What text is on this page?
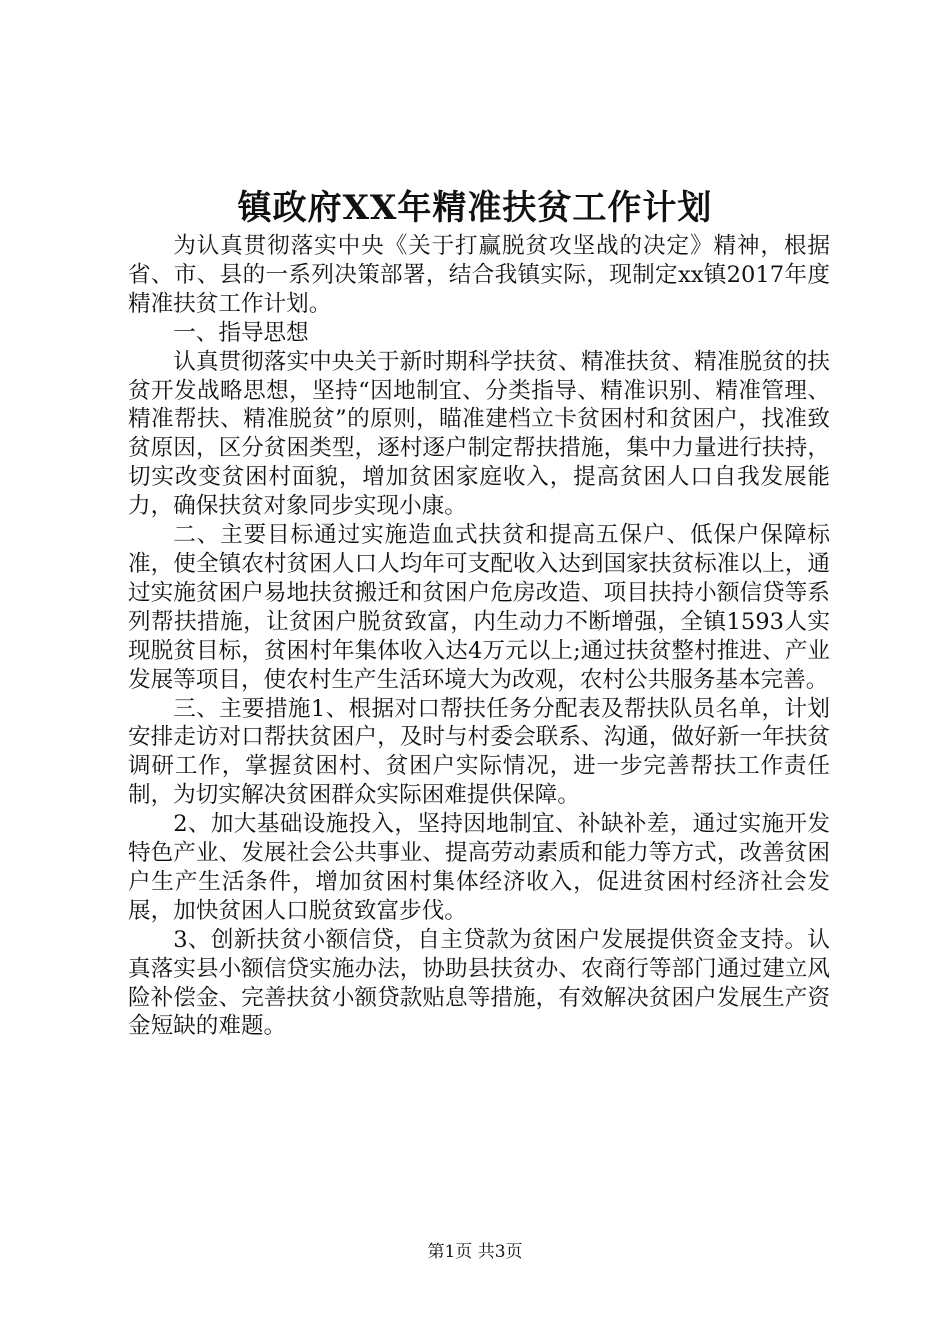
镇政府XX年精准扶贫工作计划

为认真贯彻落实中央《关于打赢脱贫攻坚战的决定》精神，根据省、市、县的一系列决策部署，结合我镇实际，现制定xx镇2017年度精准扶贫工作计划。

一、指导思想

认真贯彻落实中央关于新时期科学扶贫、精准扶贫、精准脱贫的扶贫开发战略思想，坚持“因地制宜、分类指导、精准识别、精准管理、精准帮扶、精准脱贫”的原则，瞄准建档立卡贫困村和贫困户，找准致贫原因，区分贫困类型，逐村逐户制定帮扶措施，集中力量进行扶持，切实改变贫困村面貌，增加贫困家庭收入，提高贫困人口自我发展能力，确保扶贫对象同步实现小康。

二、主要目标通过实施造血式扶贫和提高五保户、低保户保障标准，使全镇农村贫困人口人均年可支配收入达到国家扶贫标准以上，通过实施贫困户易地扶贫搬迁和贫困户危房改造、项目扶持小额信贷等系列帮扶措施，让贫困户脱贫致富，内生动力不断增强，全镇1593人实现脱贫目标，贫困村年集体收入达4万元以上;通过扶贫整村推进、产业发展等项目，使农村生产生活环境大为改观，农村公共服务基本完善。

三、主要措施1、根据对口帮扶任务分配表及帮扶队员名单，计划安排走访对口帮扶贫困户，及时与村委会联系、沟通，做好新一年扶贫调研工作，掌握贫困村、贫困户实际情况，进一步完善帮扶工作责任制，为切实解决贫困群众实际困难提供保障。

2、加大基础设施投入，坚持因地制宜、补缺补差，通过实施开发特色产业、发展社会公共事业、提高劳动素质和能力等方式，改善贫困户生产生活条件，增加贫困村集体经济收入，促进贫困村经济社会发展，加快贫困人口脱贫致富步伐。

3、创新扶贫小额信贷，自主贷款为贫困户发展提供资金支持。认真落实县小额信贷实施办法，协助县扶贫办、农商行等部门通过建立风险补偿金、完善扶贫小额贷款贴息等措施，有效解决贫困户发展生产资金短缺的难题。

第1页 共3页
